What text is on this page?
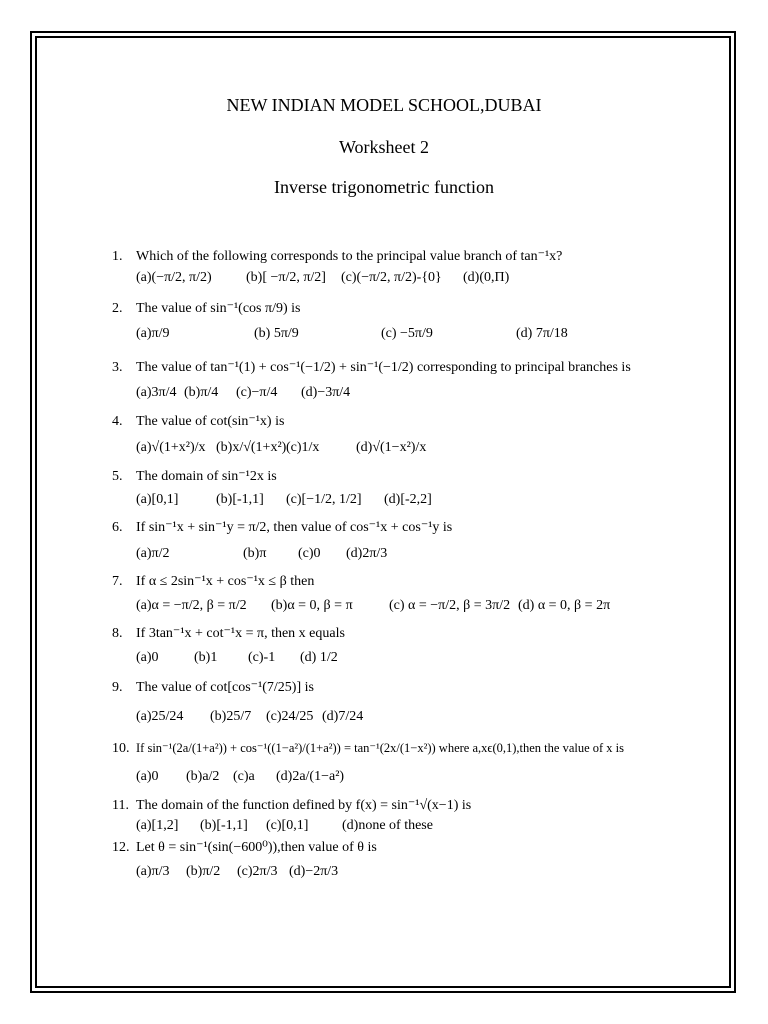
NEW INDIAN MODEL SCHOOL,DUBAI
Worksheet 2
Inverse trigonometric function
1. Which of the following corresponds to the principal value branch of tan⁻¹x?
(a)(−π/2, π/2) (b)[ −π/2, π/2] (c)(−π/2, π/2)-{0} (d)(0,Π)
2. The value of sin⁻¹(cos π/9) is
(a)π/9	(b) 5π/9	(c) −5π/9	(d) 7π/18
3. The value of tan⁻¹(1) + cos⁻¹(−1/2) + sin⁻¹(−1/2) corresponding to principal branches is
(a)3π/4 (b)π/4 (c)−π/4 (d)−3π/4
4. The value of cot(sin⁻¹x) is
(a)√(1+x²)/x (b)x/√(1+x²) (c)1/x	(d)√(1−x²)/x
5. The domain of sin⁻¹2x is
(a)[0,1]	(b)[-1,1] (c)[−1/2, 1/2] (d)[-2,2]
6. If sin⁻¹x + sin⁻¹y = π/2, then value of cos⁻¹x + cos⁻¹y is
(a)π/2	(b)π (c)0 (d)2π/3
7. If α ≤ 2sin⁻¹x + cos⁻¹x ≤ β then
(a)α = −π/2, β = π/2 (b)α = 0, β = π	(c) α = −π/2, β = 3π/2 (d) α = 0, β = 2π
8. If 3tan⁻¹x + cot⁻¹x = π, then x equals
(a)0	(b)1 (c)-1 (d) 1/2
9. The value of cot[cos⁻¹(7/25)] is
(a)25/24 (b)25/7 (c)24/25 (d)7/24
10. If sin⁻¹(2a/(1+a²)) + cos⁻¹((1−a²)/(1+a²)) = tan⁻¹(2x/(1−x²)) where a,xϵ(0,1),then the value of x is
(a)0 (b)a/2 (c)a (d)2a/(1−a²)
11. The domain of the function defined by f(x) = sin⁻¹√(x−1) is
(a)[1,2] (b)[-1,1] (c)[0,1] (d)none of these
12. Let θ = sin⁻¹(sin(−600⁰)),then value of θ is
(a)π/3 (b)π/2 (c)2π/3 (d)−2π/3
